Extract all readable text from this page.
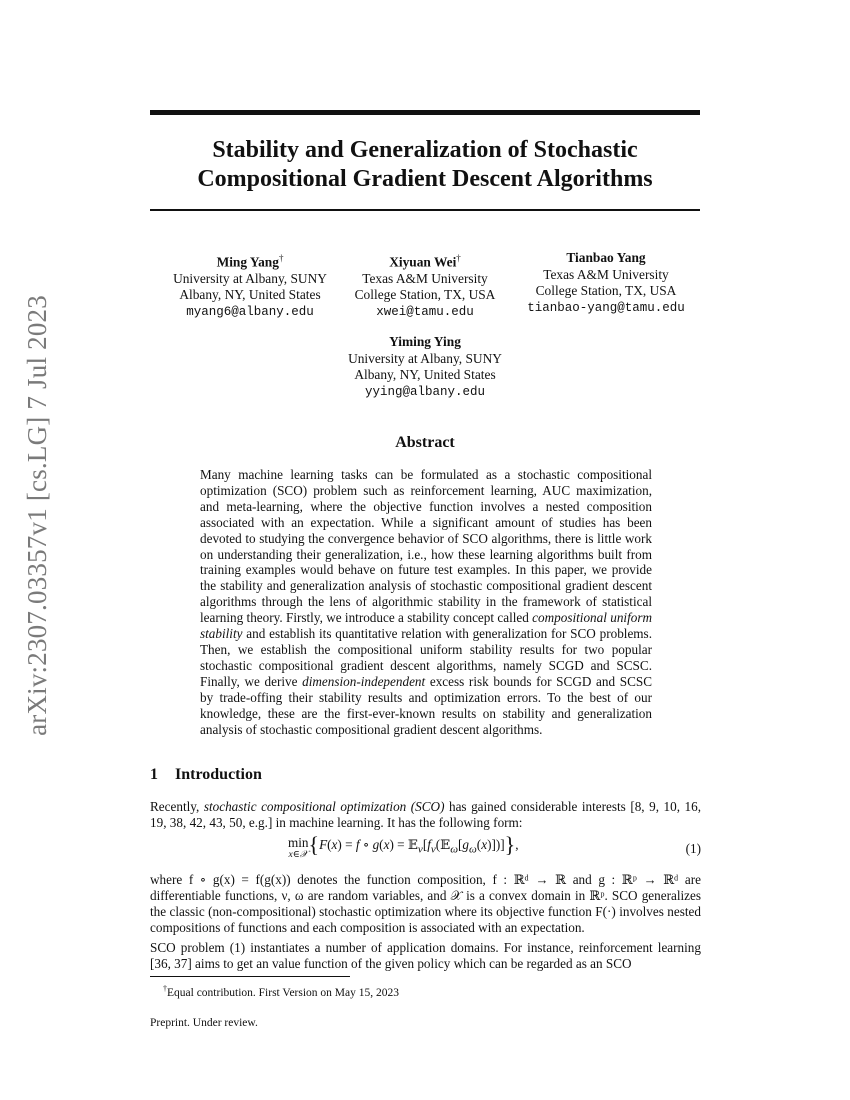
arXiv:2307.03357v1 [cs.LG] 7 Jul 2023
Stability and Generalization of Stochastic
Compositional Gradient Descent Algorithms
Ming Yang†
University at Albany, SUNY
Albany, NY, United States
myang6@albany.edu
Xiyuan Wei†
Texas A&M University
College Station, TX, USA
xwei@tamu.edu
Tianbao Yang
Texas A&M University
College Station, TX, USA
tianbao-yang@tamu.edu
Yiming Ying
University at Albany, SUNY
Albany, NY, United States
yying@albany.edu
Abstract

Many machine learning tasks can be formulated as a stochastic compositional optimization (SCO) problem such as reinforcement learning, AUC maximization, and meta-learning, where the objective function involves a nested composition associated with an expectation. While a significant amount of studies has been devoted to studying the convergence behavior of SCO algorithms, there is little work on understanding their generalization, i.e., how these learning algorithms built from training examples would behave on future test examples. In this paper, we provide the stability and generalization analysis of stochastic compositional gradient descent algorithms through the lens of algorithmic stability in the framework of statistical learning theory. Firstly, we introduce a stability concept called compositional uniform stability and establish its quantitative relation with generalization for SCO problems. Then, we establish the compositional uniform stability results for two popular stochastic compositional gradient descent algorithms, namely SCGD and SCSC. Finally, we derive dimension-independent excess risk bounds for SCGD and SCSC by trade-offing their stability results and optimization errors. To the best of our knowledge, these are the first-ever-known results on stability and generalization analysis of stochastic compositional gradient descent algorithms.

1 Introduction

Recently, stochastic compositional optimization (SCO) has gained considerable interests [8, 9, 10, 16, 19, 38, 42, 43, 50, e.g.] in machine learning. It has the following form:

min
x∈𝒳 {F(x) = f ∘ $g(x) = 𝔼_\nu[f_\nu(𝔼_\omega[g_\omega(x)])]$},	(1)

where f ∘ g(x) = f(g(x)) denotes the function composition, f : ℝᵈ → ℝ and g : ℝᵖ → ℝᵈ are differentiable functions, ν, ω are random variables, and 𝒳 is a convex domain in ℝᵖ. SCO generalizes the classic (non-compositional) stochastic optimization where its objective function F(·) involves nested compositions of functions and each composition is associated with an expectation.

SCO problem (1) instantiates a number of application domains. For instance, reinforcement learning [36, 37] aims to get an value function of the given policy which can be regarded as an SCO

†Equal contribution. First Version on May 15, 2023
Preprint. Under review.
